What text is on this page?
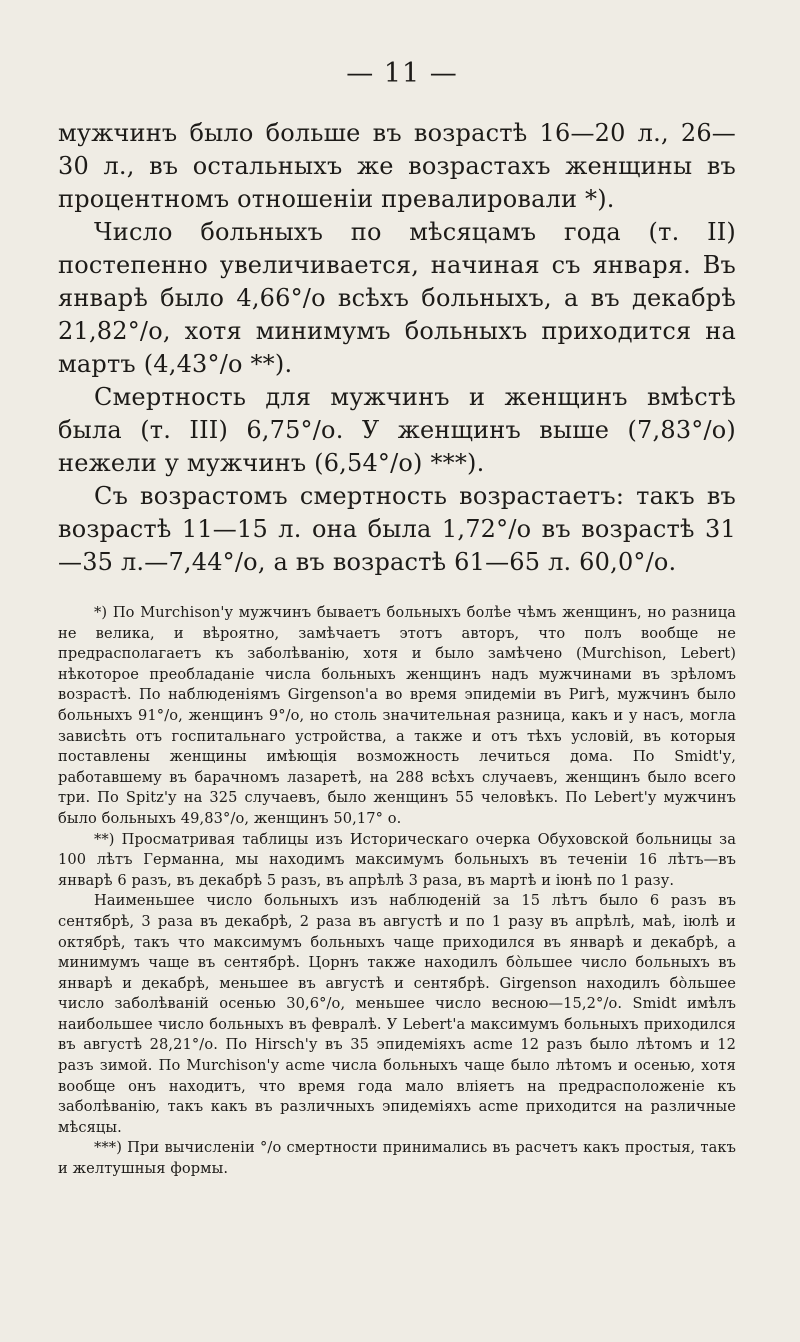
— 11 —

мужчинъ было больше въ возрастѣ 16—20 л., 26—30 л., въ остальныхъ же возрастахъ женщины въ процентномъ отношеніи превалировали *).

Число больныхъ по мѣсяцамъ года (т. II) постепенно увеличивается, начиная съ января. Въ январѣ было 4,66°/о всѣхъ больныхъ, а въ декабрѣ 21,82°/о, хотя минимумъ больныхъ приходится на мартъ (4,43°/о **).

Смертность для мужчинъ и женщинъ вмѣстѣ была (т. III) 6,75°/о. У женщинъ выше (7,83°/о) нежели у мужчинъ (6,54°/о) ***).

Съ возрастомъ смертность возрастаетъ: такъ въ возрастѣ 11—15 л. она была 1,72°/о въ возрастѣ 31—35 л.—7,44°/о, а въ возрастѣ 61—65 л. 60,0°/о.

*) По Murchison'у мужчинъ бываетъ больныхъ болѣе чѣмъ женщинъ, но разница не велика, и вѣроятно, замѣчаетъ этотъ авторъ, что полъ вообще не предрасполагаетъ къ заболѣванію, хотя и было замѣчено (Murchison, Lebert) нѣкоторое преобладаніе числа больныхъ женщинъ надъ мужчинами въ зрѣломъ возрастѣ. По наблюденіямъ Girgenson'а во время эпидеміи въ Ригѣ, мужчинъ было больныхъ 91°/о, женщинъ 9°/о, но столь значительная разница, какъ и у насъ, могла зависѣть отъ госпитальнаго устройства, а также и отъ тѣхъ условій, въ которыя поставлены женщины имѣющія возможность лечиться дома. По Smidt'у, работавшему въ барачномъ лазаретѣ, на 288 всѣхъ случаевъ, женщинъ было всего три. По Spitz'у на 325 случаевъ, было женщинъ 55 человѣкъ. По Lebert'у мужчинъ было больныхъ 49,83°/о, женщинъ 50,17° о.

**) Просматривая таблицы изъ Историческаго очерка Обуховской больницы за 100 лѣтъ Германна, мы находимъ максимумъ больныхъ въ теченіи 16 лѣтъ—въ январѣ 6 разъ, въ декабрѣ 5 разъ, въ апрѣлѣ 3 раза, въ мартѣ и іюнѣ по 1 разу.

Наименьшее число больныхъ изъ наблюденій за 15 лѣтъ было 6 разъ въ сентябрѣ, 3 раза въ декабрѣ, 2 раза въ августѣ и по 1 разу въ апрѣлѣ, маѣ, іюлѣ и октябрѣ, такъ что максимумъ больныхъ чаще приходился въ январѣ и декабрѣ, а минимумъ чаще въ сентябрѣ. Цорнъ также находилъ бо̀льшее число больныхъ въ январѣ и декабрѣ, меньшее въ августѣ и сентябрѣ. Girgenson находилъ бо̀льшее число заболѣваній осенью 30,6°/о, меньшее число весною—15,2°/о. Smidt имѣлъ наибольшее число больныхъ въ февралѣ. У Lebert'а максимумъ больныхъ приходился въ августѣ 28,21°/о. По Hirsch'у въ 35 эпидеміяхъ acme 12 разъ было лѣтомъ и 12 разъ зимой. По Murchison'у acme числа больныхъ чаще было лѣтомъ и осенью, хотя вообще онъ находитъ, что время года мало вліяетъ на предрасположеніе къ заболѣванію, такъ какъ въ различныхъ эпидеміяхъ acme приходится на различные мѣсяцы.

***) При вычисленіи °/о смертности принимались въ расчетъ какъ простыя, такъ и желтушныя формы.
